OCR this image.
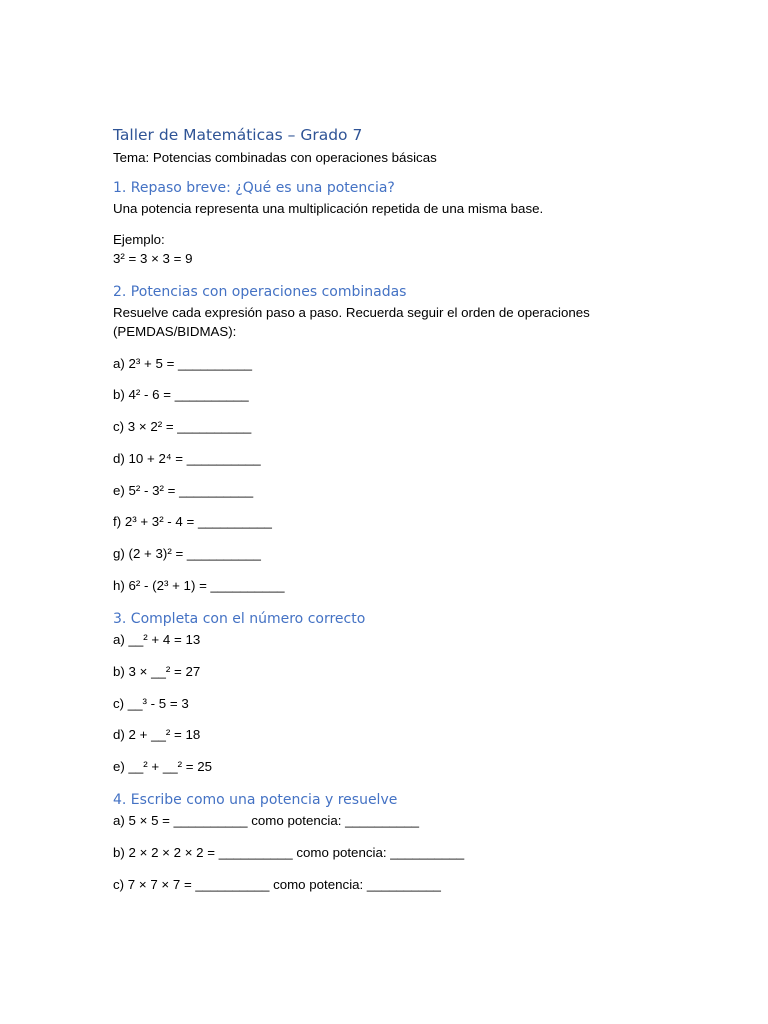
Taller de Matemáticas – Grado 7

Tema: Potencias combinadas con operaciones básicas

1. Repaso breve: ¿Qué es una potencia?

Una potencia representa una multiplicación repetida de una misma base.

Ejemplo:

3² = 3 × 3 = 9

2. Potencias con operaciones combinadas

Resuelve cada expresión paso a paso. Recuerda seguir el orden de operaciones (PEMDAS/BIDMAS):

a) 2³ + 5 = __________

b) 4² - 6 = __________

c) 3 × 2² = __________

d) 10 + 2⁴ = __________

e) 5² - 3² = __________

f) 2³ + 3² - 4 = __________

g) (2 + 3)² = __________

h) 6² - (2³ + 1) = __________

3. Completa con el número correcto

a) __² + 4 = 13

b) 3 × __² = 27

c) __³ - 5 = 3

d) 2 + __² = 18

e) __² + __² = 25

4. Escribe como una potencia y resuelve

a) 5 × 5 = __________ como potencia: __________

b) 2 × 2 × 2 × 2 = __________ como potencia: __________

c) 7 × 7 × 7 = __________ como potencia: __________
